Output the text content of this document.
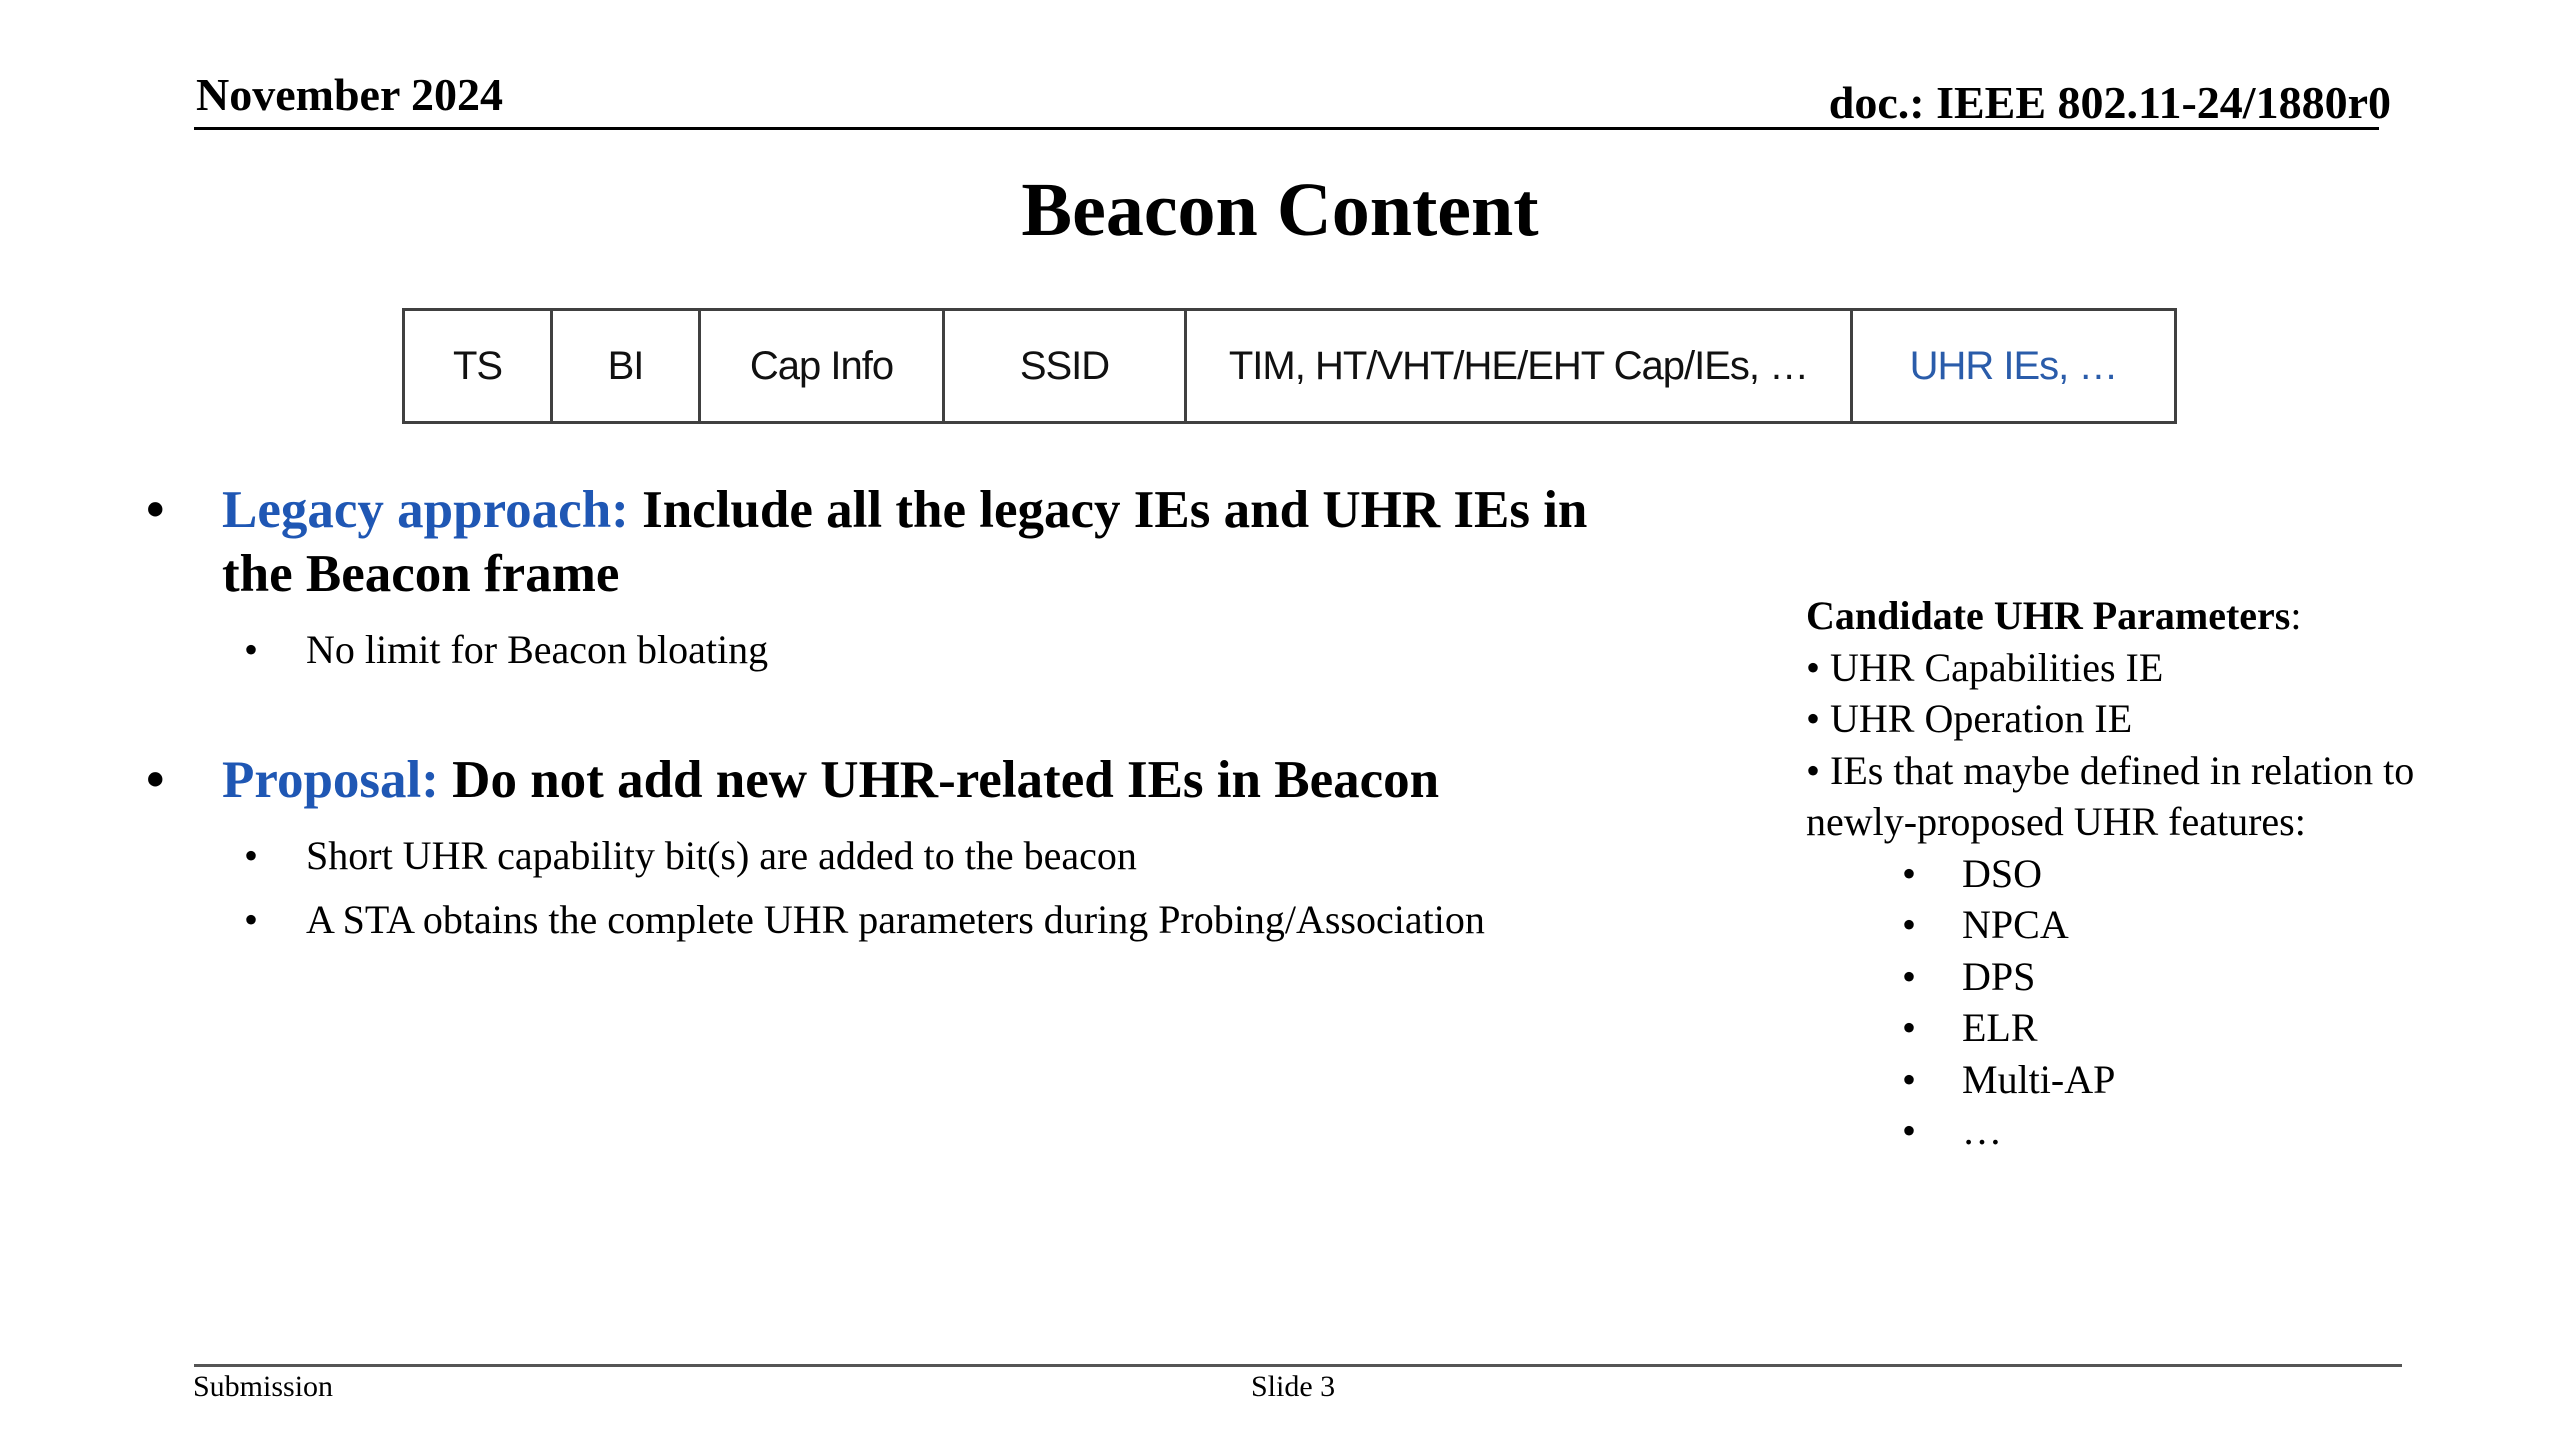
November 2024	doc.: IEEE 802.11-24/1880r0
Beacon Content
TS	BI	Cap Info	SSID	TIM, HT/VHT/HE/EHT Cap/IEs, …	UHR IEs, …
• Legacy approach: Include all the legacy IEs and UHR IEs in the Beacon frame
• No limit for Beacon bloating
• Proposal: Do not add new UHR-related IEs in Beacon
• Short UHR capability bit(s) are added to the beacon
• A STA obtains the complete UHR parameters during Probing/Association
Candidate UHR Parameters:
• UHR Capabilities IE
• UHR Operation IE
• IEs that maybe defined in relation to newly-proposed UHR features:
• DSO
• NPCA
• DPS
• ELR
• Multi-AP
• …
Submission	Slide 3
